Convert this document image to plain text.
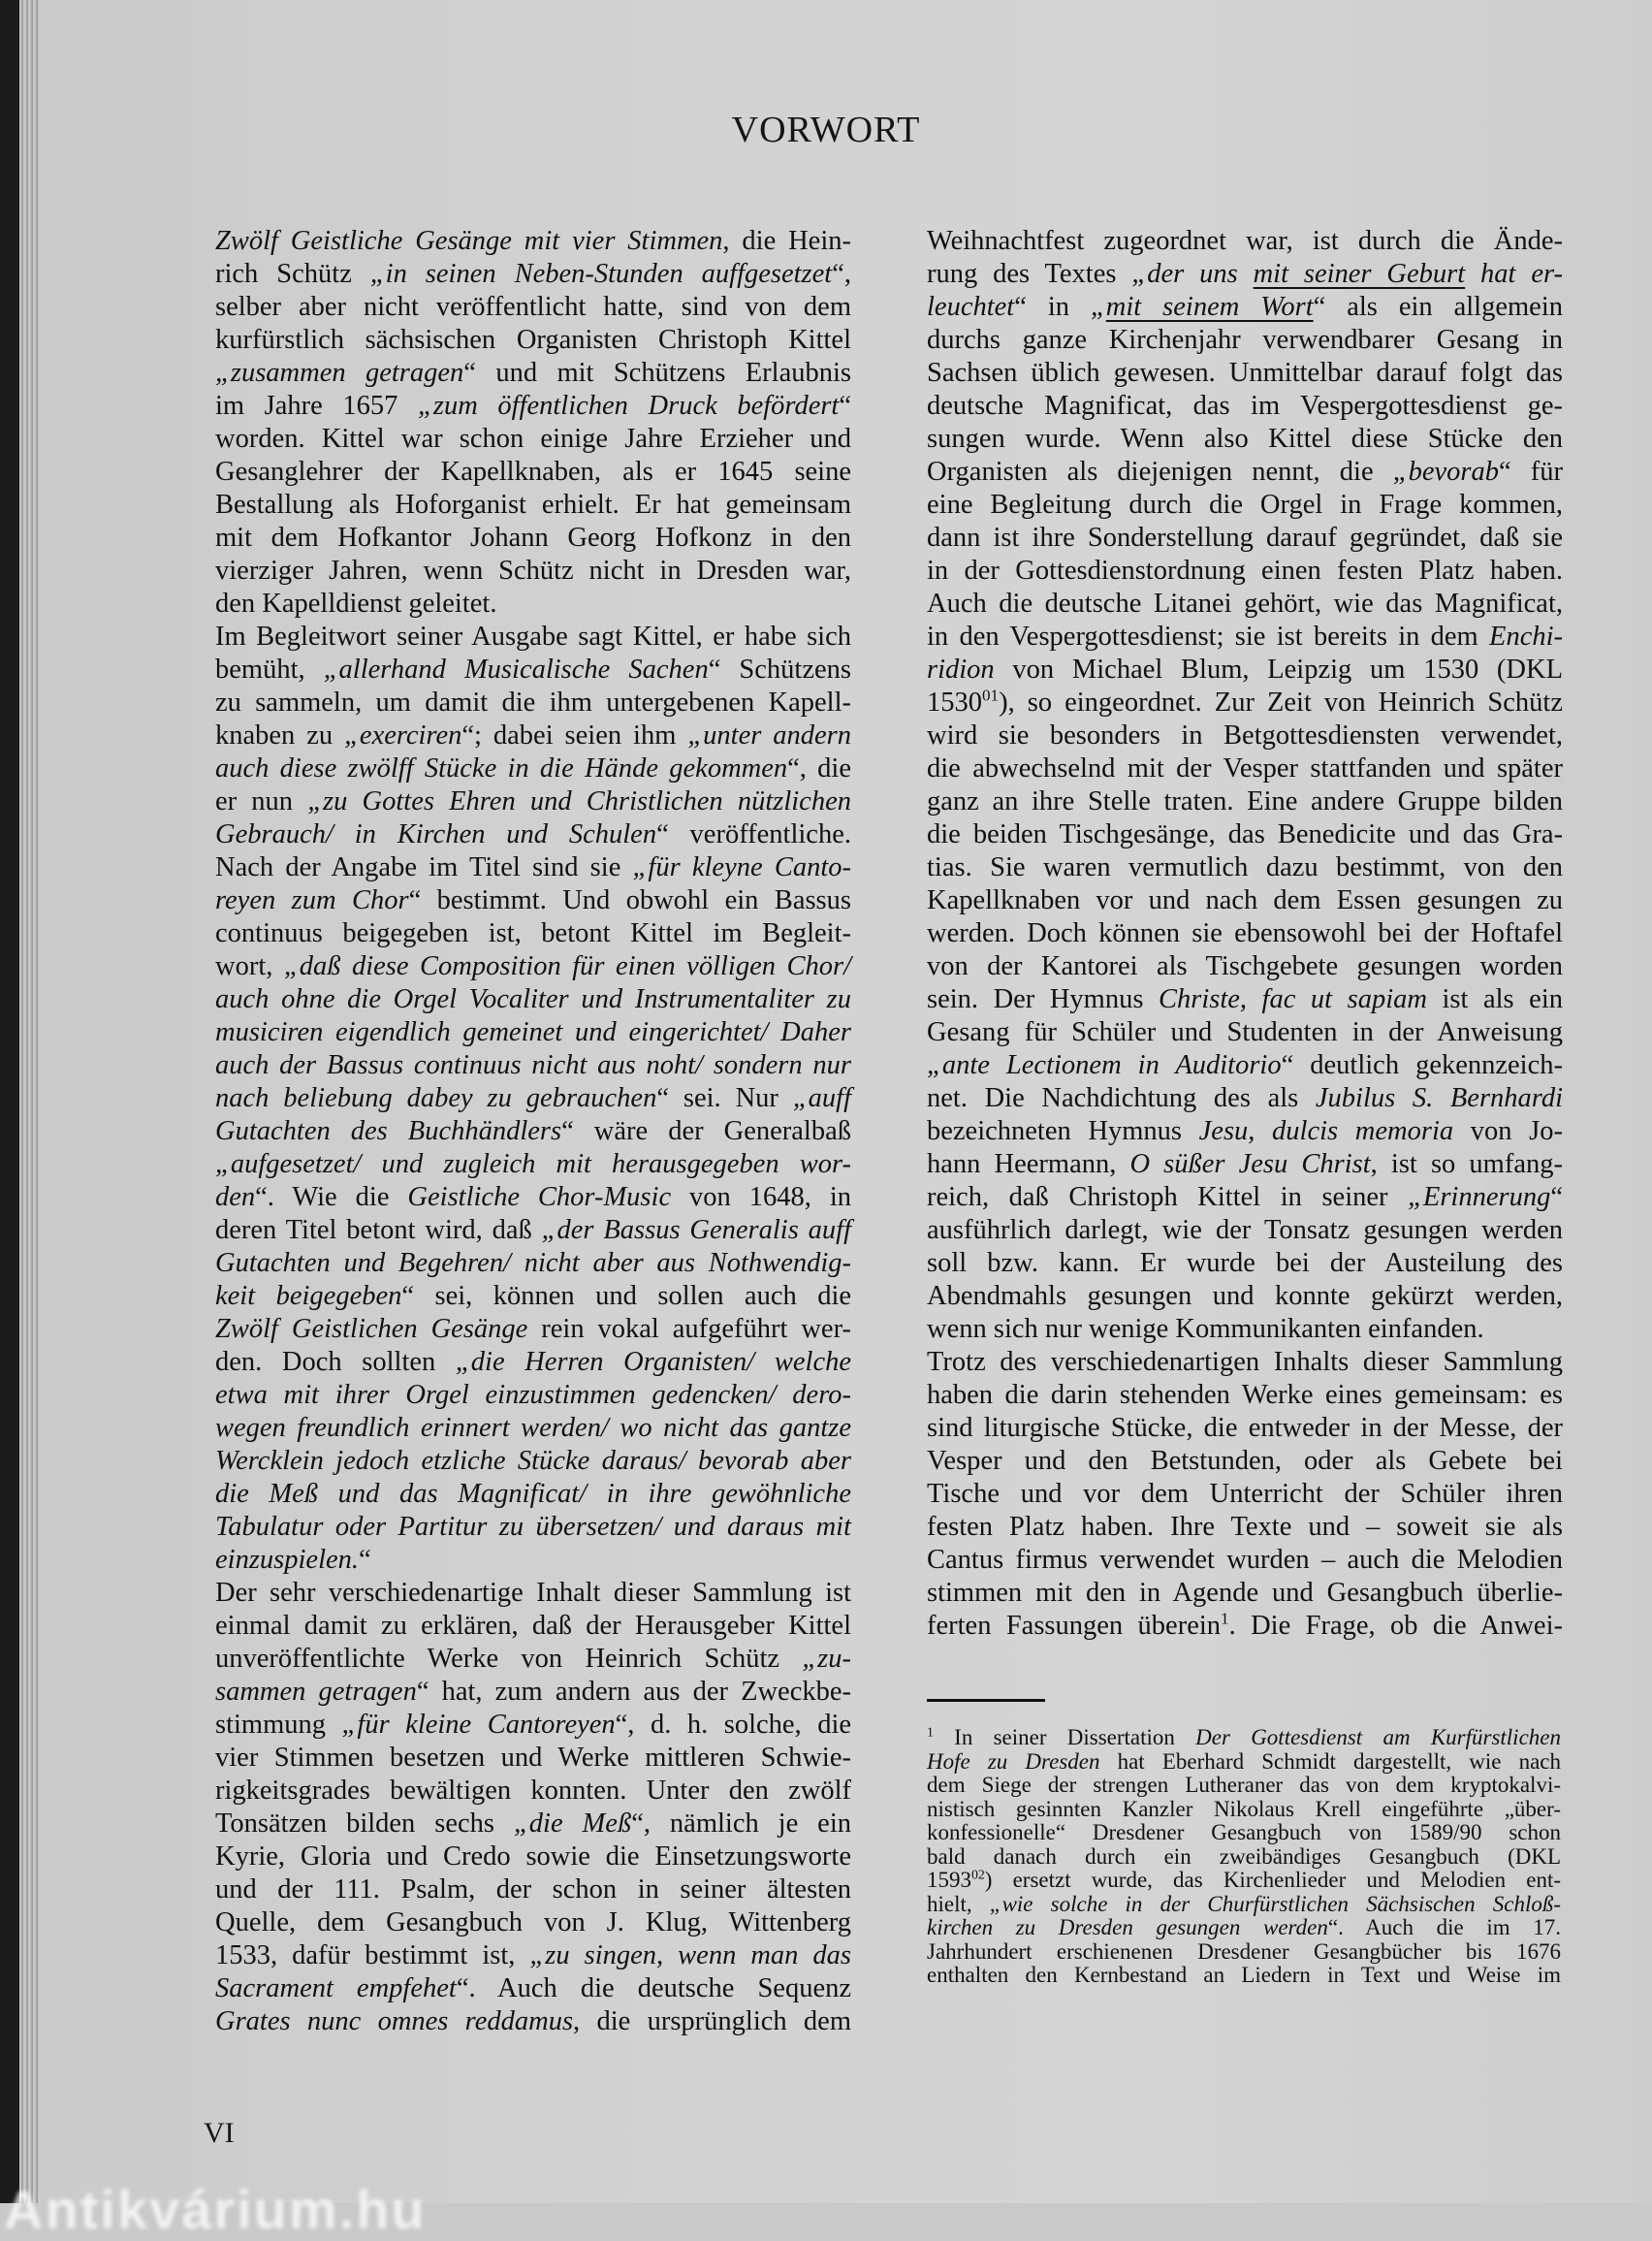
VORWORT
Zwölf Geistliche Gesänge mit vier Stimmen, die Hein-
rich Schütz „in seinen Neben-Stunden auffgesetzet“,
selber aber nicht veröffentlicht hatte, sind von dem
kurfürstlich sächsischen Organisten Christoph Kittel
„zusammen getragen“ und mit Schützens Erlaubnis
im Jahre 1657 „zum öffentlichen Druck befördert“
worden. Kittel war schon einige Jahre Erzieher und
Gesanglehrer der Kapellknaben, als er 1645 seine
Bestallung als Hoforganist erhielt. Er hat gemeinsam
mit dem Hofkantor Johann Georg Hofkonz in den
vierziger Jahren, wenn Schütz nicht in Dresden war,
den Kapelldienst geleitet.
Im Begleitwort seiner Ausgabe sagt Kittel, er habe sich
bemüht, „allerhand Musicalische Sachen“ Schützens
zu sammeln, um damit die ihm untergebenen Kapell-
knaben zu „exerciren“; dabei seien ihm „unter andern
auch diese zwölff Stücke in die Hände gekommen“, die
er nun „zu Gottes Ehren und Christlichen nützlichen
Gebrauch/ in Kirchen und Schulen“ veröffentliche.
Nach der Angabe im Titel sind sie „für kleyne Canto-
reyen zum Chor“ bestimmt. Und obwohl ein Bassus
continuus beigegeben ist, betont Kittel im Begleit-
wort, „daß diese Composition für einen völligen Chor/
auch ohne die Orgel Vocaliter und Instrumentaliter zu
musiciren eigendlich gemeinet und eingerichtet/ Daher
auch der Bassus continuus nicht aus noht/ sondern nur
nach beliebung dabey zu gebrauchen“ sei. Nur „auff
Gutachten des Buchhändlers“ wäre der Generalbaß
„aufgesetzet/ und zugleich mit herausgegeben wor-
den“. Wie die Geistliche Chor-Music von 1648, in
deren Titel betont wird, daß „der Bassus Generalis auff
Gutachten und Begehren/ nicht aber aus Nothwendig-
keit beigegeben“ sei, können und sollen auch die
Zwölf Geistlichen Gesänge rein vokal aufgeführt wer-
den. Doch sollten „die Herren Organisten/ welche
etwa mit ihrer Orgel einzustimmen gedencken/ dero-
wegen freundlich erinnert werden/ wo nicht das gantze
Wercklein jedoch etzliche Stücke daraus/ bevorab aber
die Meß und das Magnificat/ in ihre gewöhnliche
Tabulatur oder Partitur zu übersetzen/ und daraus mit
einzuspielen.“
Der sehr verschiedenartige Inhalt dieser Sammlung ist
einmal damit zu erklären, daß der Herausgeber Kittel
unveröffentlichte Werke von Heinrich Schütz „zu-
sammen getragen“ hat, zum andern aus der Zweckbe-
stimmung „für kleine Cantoreyen“, d. h. solche, die
vier Stimmen besetzen und Werke mittleren Schwie-
rigkeitsgrades bewältigen konnten. Unter den zwölf
Tonsätzen bilden sechs „die Meß“, nämlich je ein
Kyrie, Gloria und Credo sowie die Einsetzungsworte
und der 111. Psalm, der schon in seiner ältesten
Quelle, dem Gesangbuch von J. Klug, Wittenberg
1533, dafür bestimmt ist, „zu singen, wenn man das
Sacrament empfehet“. Auch die deutsche Sequenz
Grates nunc omnes reddamus, die ursprünglich dem
Weihnachtfest zugeordnet war, ist durch die Ände-
rung des Textes „der uns mit seiner Geburt hat er-
leuchtet“ in „mit seinem Wort“ als ein allgemein
durchs ganze Kirchenjahr verwendbarer Gesang in
Sachsen üblich gewesen. Unmittelbar darauf folgt das
deutsche Magnificat, das im Vespergottesdienst ge-
sungen wurde. Wenn also Kittel diese Stücke den
Organisten als diejenigen nennt, die „bevorab“ für
eine Begleitung durch die Orgel in Frage kommen,
dann ist ihre Sonderstellung darauf gegründet, daß sie
in der Gottesdienstordnung einen festen Platz haben.
Auch die deutsche Litanei gehört, wie das Magnificat,
in den Vespergottesdienst; sie ist bereits in dem Enchi-
ridion von Michael Blum, Leipzig um 1530 (DKL
1530$^{01}$), so eingeordnet. Zur Zeit von Heinrich Schütz
wird sie besonders in Betgottesdiensten verwendet,
die abwechselnd mit der Vesper stattfanden und später
ganz an ihre Stelle traten. Eine andere Gruppe bilden
die beiden Tischgesänge, das Benedicite und das Gra-
tias. Sie waren vermutlich dazu bestimmt, von den
Kapellknaben vor und nach dem Essen gesungen zu
werden. Doch können sie ebensowohl bei der Hoftafel
von der Kantorei als Tischgebete gesungen worden
sein. Der Hymnus Christe, fac ut sapiam ist als ein
Gesang für Schüler und Studenten in der Anweisung
„ante Lectionem in Auditorio“ deutlich gekennzeich-
net. Die Nachdichtung des als Jubilus S. Bernhardi
bezeichneten Hymnus Jesu, dulcis memoria von Jo-
hann Heermann, O süßer Jesu Christ, ist so umfang-
reich, daß Christoph Kittel in seiner „Erinnerung“
ausführlich darlegt, wie der Tonsatz gesungen werden
soll bzw. kann. Er wurde bei der Austeilung des
Abendmahls gesungen und konnte gekürzt werden,
wenn sich nur wenige Kommunikanten einfanden.
Trotz des verschiedenartigen Inhalts dieser Sammlung
haben die darin stehenden Werke eines gemeinsam: es
sind liturgische Stücke, die entweder in der Messe, der
Vesper und den Betstunden, oder als Gebete bei
Tische und vor dem Unterricht der Schüler ihren
festen Platz haben. Ihre Texte und – soweit sie als
Cantus firmus verwendet wurden – auch die Melodien
stimmen mit den in Agende und Gesangbuch überlie-
ferten Fassungen überein$^1$. Die Frage, ob die Anwei-
$^1$ In seiner Dissertation Der Gottesdienst am Kurfürstlichen
Hofe zu Dresden hat Eberhard Schmidt dargestellt, wie nach
dem Siege der strengen Lutheraner das von dem kryptokalvi-
nistisch gesinnten Kanzler Nikolaus Krell eingeführte „über-
konfessionelle“ Dresdener Gesangbuch von 1589/90 schon
bald danach durch ein zweibändiges Gesangbuch (DKL
1593$^{02}$) ersetzt wurde, das Kirchenlieder und Melodien ent-
hielt, „wie solche in der Churfürstlichen Sächsischen Schloß-
kirchen zu Dresden gesungen werden“. Auch die im 17.
Jahrhundert erschienenen Dresdener Gesangbücher bis 1676
enthalten den Kernbestand an Liedern in Text und Weise im
VI
Antikvárium.hu
